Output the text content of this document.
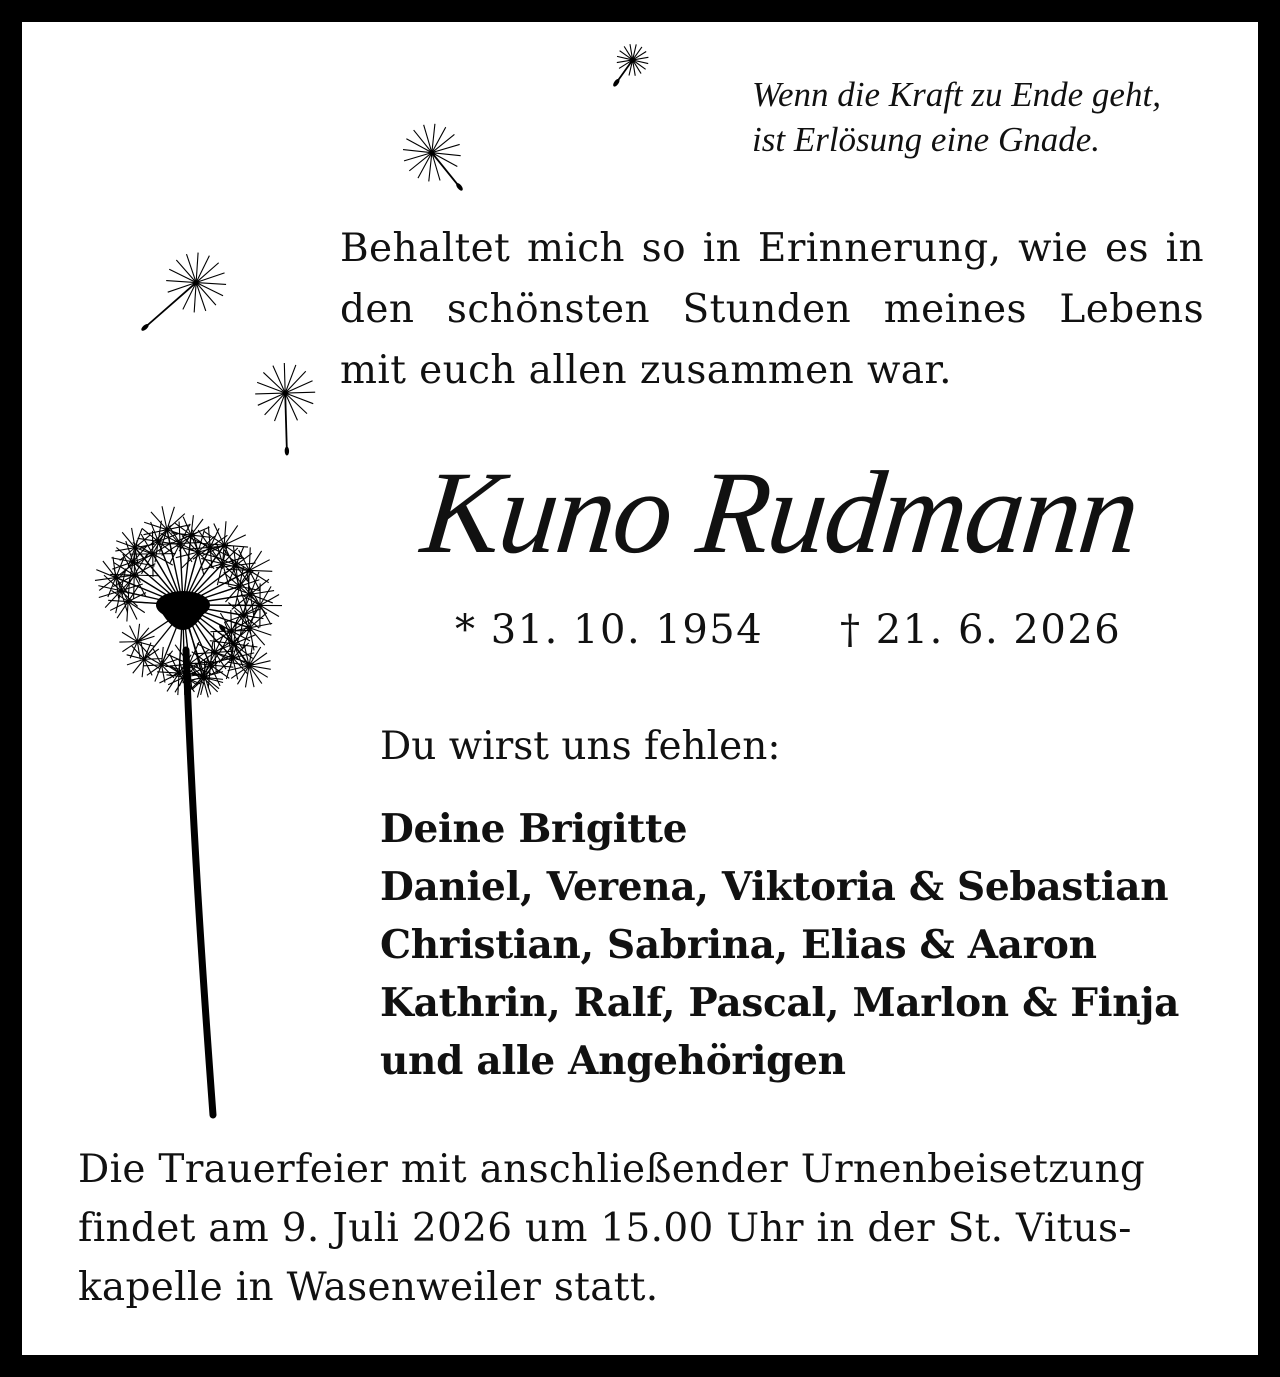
Wenn die Kraft zu Ende geht,
ist Erlösung eine Gnade.
Behaltet mich so in Erinnerung, wie es in den schönsten Stunden meines Lebens mit euch allen zusammen war.
Kuno Rudmann
* 31. 10. 1954 † 21. 6. 2026
Du wirst uns fehlen:
Deine Brigitte
Daniel, Verena, Viktoria & Sebastian
Christian, Sabrina, Elias & Aaron
Kathrin, Ralf, Pascal, Marlon & Finja
und alle Angehörigen
Die Trauerfeier mit anschließender Urnenbeisetzung
findet am 9. Juli 2026 um 15.00 Uhr in der St. Vitus-
kapelle in Wasenweiler statt.
